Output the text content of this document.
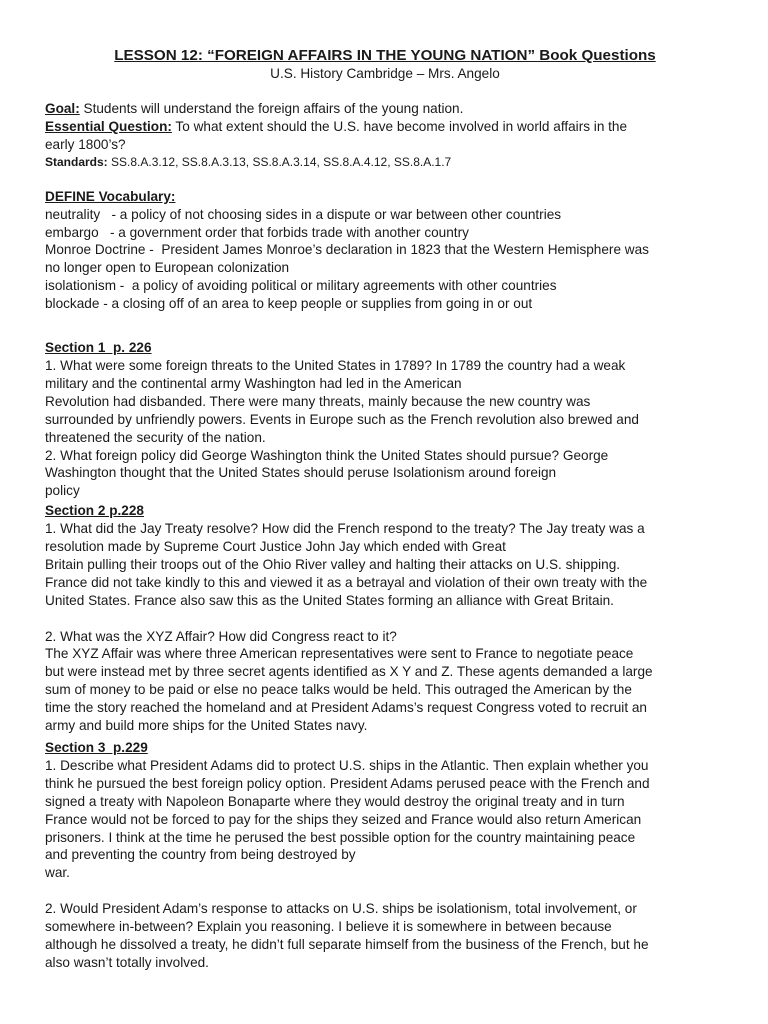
LESSON 12: “FOREIGN AFFAIRS IN THE YOUNG NATION” Book Questions
U.S. History Cambridge – Mrs. Angelo
Goal: Students will understand the foreign affairs of the young nation.
Essential Question: To what extent should the U.S. have become involved in world affairs in the
early 1800’s?
Standards: SS.8.A.3.12, SS.8.A.3.13, SS.8.A.3.14, SS.8.A.4.12, SS.8.A.1.7
DEFINE Vocabulary:
neutrality   - a policy of not choosing sides in a dispute or war between other countries
embargo   - a government order that forbids trade with another country
Monroe Doctrine -  President James Monroe’s declaration in 1823 that the Western Hemisphere was
no longer open to European colonization
isolationism -  a policy of avoiding political or military agreements with other countries
blockade - a closing off of an area to keep people or supplies from going in or out
Section 1  p. 226
1. What were some foreign threats to the United States in 1789? In 1789 the country had a weak
military and the continental army Washington had led in the American
Revolution had disbanded. There were many threats, mainly because the new country was
surrounded by unfriendly powers. Events in Europe such as the French revolution also brewed and
threatened the security of the nation.
2. What foreign policy did George Washington think the United States should pursue? George
Washington thought that the United States should peruse Isolationism around foreign
policy
Section 2 p.228
1. What did the Jay Treaty resolve? How did the French respond to the treaty? The Jay treaty was a
resolution made by Supreme Court Justice John Jay which ended with Great
Britain pulling their troops out of the Ohio River valley and halting their attacks on U.S. shipping.
France did not take kindly to this and viewed it as a betrayal and violation of their own treaty with the
United States. France also saw this as the United States forming an alliance with Great Britain.
2. What was the XYZ Affair? How did Congress react to it?
The XYZ Affair was where three American representatives were sent to France to negotiate peace
but were instead met by three secret agents identified as X Y and Z. These agents demanded a large
sum of money to be paid or else no peace talks would be held. This outraged the American by the
time the story reached the homeland and at President Adams’s request Congress voted to recruit an
army and build more ships for the United States navy.
Section 3  p.229
1. Describe what President Adams did to protect U.S. ships in the Atlantic. Then explain whether you
think he pursued the best foreign policy option. President Adams perused peace with the French and
signed a treaty with Napoleon Bonaparte where they would destroy the original treaty and in turn
France would not be forced to pay for the ships they seized and France would also return American
prisoners. I think at the time he perused the best possible option for the country maintaining peace
and preventing the country from being destroyed by
war.
2. Would President Adam’s response to attacks on U.S. ships be isolationism, total involvement, or
somewhere in-between? Explain you reasoning. I believe it is somewhere in between because
although he dissolved a treaty, he didn’t full separate himself from the business of the French, but he
also wasn’t totally involved.
